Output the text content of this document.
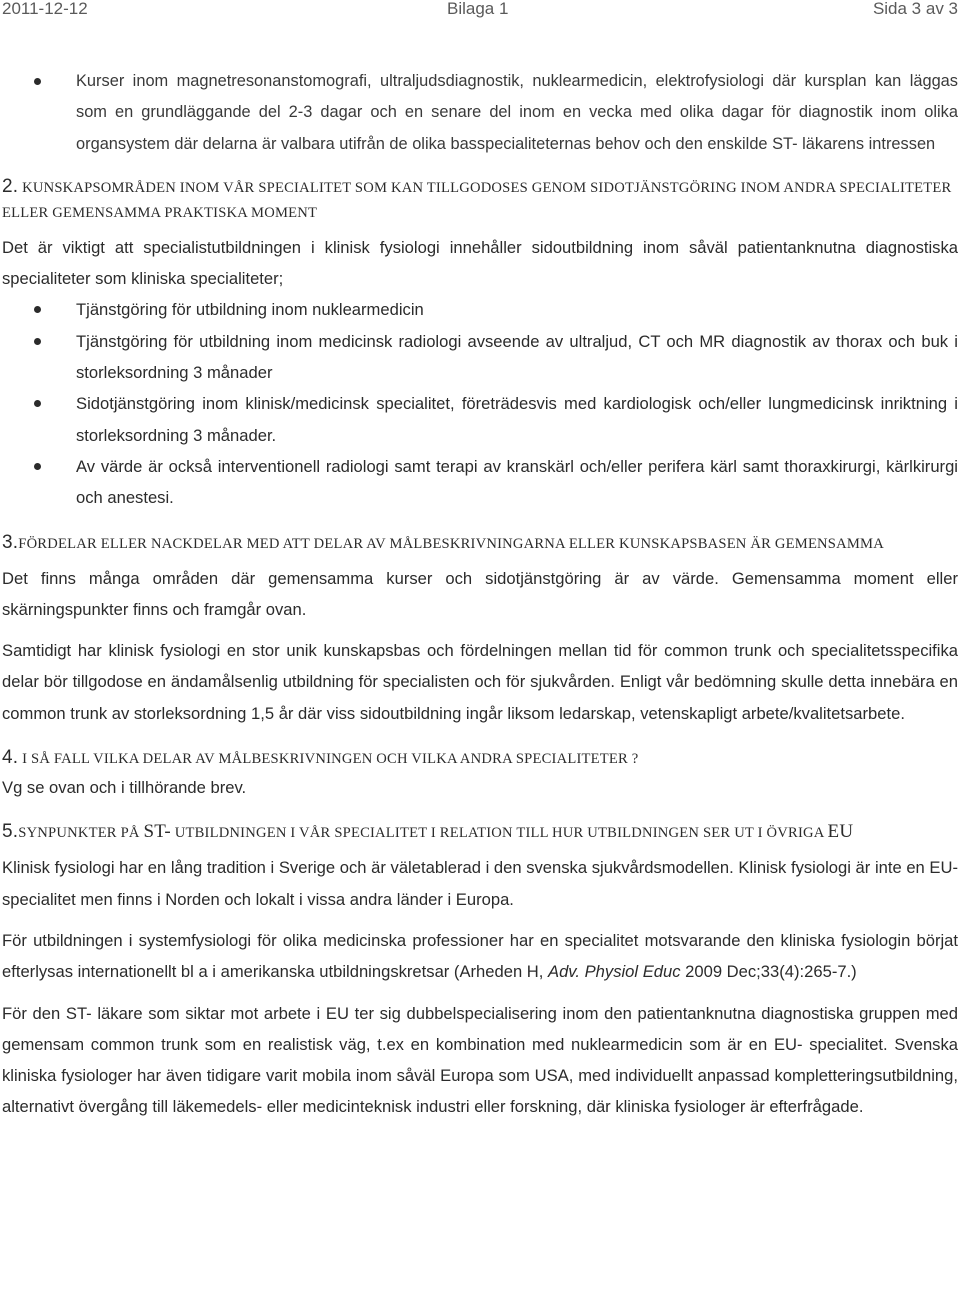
2011-12-12	Bilaga 1	Sida 3 av 3
Kurser inom magnetresonanstomografi, ultraljudsdiagnostik, nuklearmedicin, elektrofysiologi där kursplan kan läggas som en grundläggande del 2-3 dagar och en senare del inom en vecka med olika dagar för diagnostik inom olika organsystem där delarna är valbara utifrån de olika basspecialiteternas behov och den enskilde ST- läkarens intressen
2. KUNSKAPSOMRÅDEN INOM VÅR SPECIALITET SOM KAN TILLGODOSES GENOM SIDOTJÄNSTGÖRING INOM ANDRA SPECIALITETER ELLER GEMENSAMMA PRAKTISKA MOMENT

Det är viktigt att specialistutbildningen i klinisk fysiologi innehåller sidoutbildning inom såväl patientanknutna diagnostiska specialiteter som kliniska specialiteter;

Tjänstgöring för utbildning inom nuklearmedicin
Tjänstgöring för utbildning inom medicinsk radiologi avseende av ultraljud, CT och MR diagnostik av thorax och buk i storleksordning 3 månader
Sidotjänstgöring inom klinisk/medicinsk specialitet, företrädesvis med kardiologisk och/eller lungmedicinsk inriktning i storleksordning 3 månader.
Av värde är också interventionell radiologi samt terapi av kranskärl och/eller perifera kärl samt thoraxkirurgi, kärlkirurgi och anestesi.
3.FÖRDELAR ELLER NACKDELAR MED ATT DELAR AV MÅLBESKRIVNINGARNA ELLER KUNSKAPSBASEN ÄR GEMENSAMMA

Det finns många områden där gemensamma kurser och sidotjänstgöring är av värde. Gemensamma moment eller skärningspunkter finns och framgår ovan.

Samtidigt har klinisk fysiologi en stor unik kunskapsbas och fördelningen mellan tid för common trunk och specialitetsspecifika delar bör tillgodose en ändamålsenlig utbildning för specialisten och för sjukvården. Enligt vår bedömning skulle detta innebära en common trunk av storleksordning 1,5 år där viss sidoutbildning ingår liksom ledarskap, vetenskapligt arbete/kvalitetsarbete.

4. I SÅ FALL VILKA DELAR AV MÅLBESKRIVNINGEN OCH VILKA ANDRA SPECIALITETER ?

Vg se ovan och i tillhörande brev.

5.SYNPUNKTER PÅ ST- UTBILDNINGEN I VÅR SPECIALITET I RELATION TILL HUR UTBILDNINGEN SER UT I ÖVRIGA EU

Klinisk fysiologi har en lång tradition i Sverige och är väletablerad i den svenska sjukvårdsmodellen. Klinisk fysiologi är inte en EU- specialitet men finns i Norden och lokalt i vissa andra länder i Europa.

För utbildningen i systemfysiologi för olika medicinska professioner har en specialitet motsvarande den kliniska fysiologin börjat efterlysas internationellt bl a i amerikanska utbildningskretsar (Arheden H, Adv. Physiol Educ 2009 Dec;33(4):265-7.)

För den ST- läkare som siktar mot arbete i EU ter sig dubbelspecialisering inom den patientanknutna diagnostiska gruppen med gemensam common trunk som en realistisk väg, t.ex en kombination med nuklearmedicin som är en EU- specialitet. Svenska kliniska fysiologer har även tidigare varit mobila inom såväl Europa som USA, med individuellt anpassad kompletteringsutbildning, alternativt övergång till läkemedels- eller medicinteknisk industri eller forskning, där kliniska fysiologer är efterfrågade.
